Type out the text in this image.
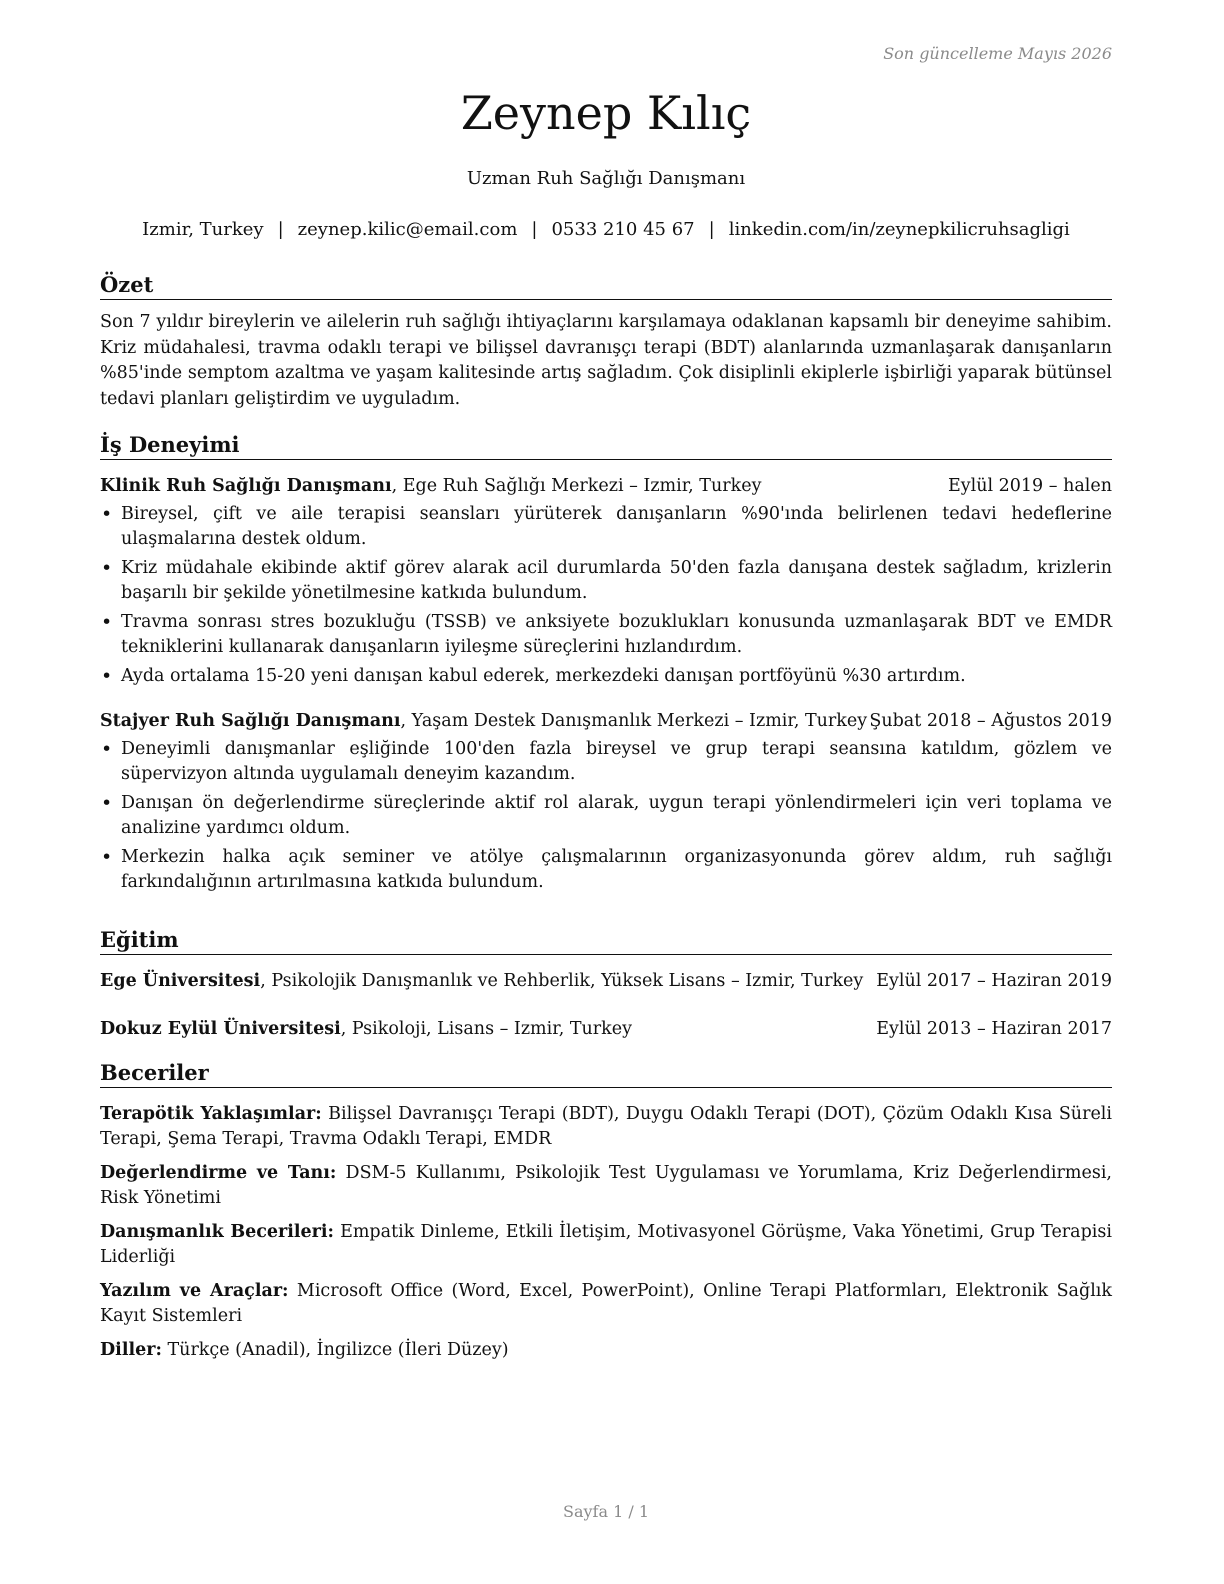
Son güncelleme Mayıs 2026
Zeynep Kılıç
Uzman Ruh Sağlığı Danışmanı
Izmir, Turkey | zeynep.kilic@email.com | 0533 210 45 67 | linkedin.com/in/zeynepkilicruhsagligi
Özet

Son 7 yıldır bireylerin ve ailelerin ruh sağlığı ihtiyaçlarını karşılamaya odaklanan kapsamlı bir deneyime sahibim. Kriz müdahalesi, travma odaklı terapi ve bilişsel davranışçı terapi (BDT) alanlarında uzmanlaşarak danışanların %85'inde semptom azaltma ve yaşam kalitesinde artış sağladım. Çok disiplinli ekiplerle işbirliği yaparak bütünsel tedavi planları geliştirdim ve uyguladım.

İş Deneyimi
Klinik Ruh Sağlığı Danışmanı, Ege Ruh Sağlığı Merkezi – Izmir, Turkey	Eylül 2019 – halen
• Bireysel, çift ve aile terapisi seansları yürüterek danışanların %90'ında belirlenen tedavi hedeflerine ulaşmalarına destek oldum.
• Kriz müdahale ekibinde aktif görev alarak acil durumlarda 50'den fazla danışana destek sağladım, krizlerin başarılı bir şekilde yönetilmesine katkıda bulundum.
• Travma sonrası stres bozukluğu (TSSB) ve anksiyete bozuklukları konusunda uzmanlaşarak BDT ve EMDR tekniklerini kullanarak danışanların iyileşme süreçlerini hızlandırdım.
• Ayda ortalama 15-20 yeni danışan kabul ederek, merkezdeki danışan portföyünü %30 artırdım.
Stajyer Ruh Sağlığı Danışmanı, Yaşam Destek Danışmanlık Merkezi – Izmir, Turkey Şubat 2018 – Ağustos 2019
• Deneyimli danışmanlar eşliğinde 100'den fazla bireysel ve grup terapi seansına katıldım, gözlem ve süpervizyon altında uygulamalı deneyim kazandım.
• Danışan ön değerlendirme süreçlerinde aktif rol alarak, uygun terapi yönlendirmeleri için veri toplama ve analizine yardımcı oldum.
• Merkezin halka açık seminer ve atölye çalışmalarının organizasyonunda görev aldım, ruh sağlığı farkındalığının artırılmasına katkıda bulundum.
Eğitim
Ege Üniversitesi, Psikolojik Danışmanlık ve Rehberlik, Yüksek Lisans – Izmir, Turkey Eylül 2017 – Haziran 2019
Dokuz Eylül Üniversitesi, Psikoloji, Lisans – Izmir, Turkey	Eylül 2013 – Haziran 2017
Beceriler

Terapötik Yaklaşımlar: Bilişsel Davranışçı Terapi (BDT), Duygu Odaklı Terapi (DOT), Çözüm Odaklı Kısa Süreli Terapi, Şema Terapi, Travma Odaklı Terapi, EMDR

Değerlendirme ve Tanı: DSM-5 Kullanımı, Psikolojik Test Uygulaması ve Yorumlama, Kriz Değerlendirmesi, Risk Yönetimi

Danışmanlık Becerileri: Empatik Dinleme, Etkili İletişim, Motivasyonel Görüşme, Vaka Yönetimi, Grup Terapisi Liderliği

Yazılım ve Araçlar: Microsoft Office (Word, Excel, PowerPoint), Online Terapi Platformları, Elektronik Sağlık Kayıt Sistemleri

Diller: Türkçe (Anadil), İngilizce (İleri Düzey)

Sayfa 1 / 1
